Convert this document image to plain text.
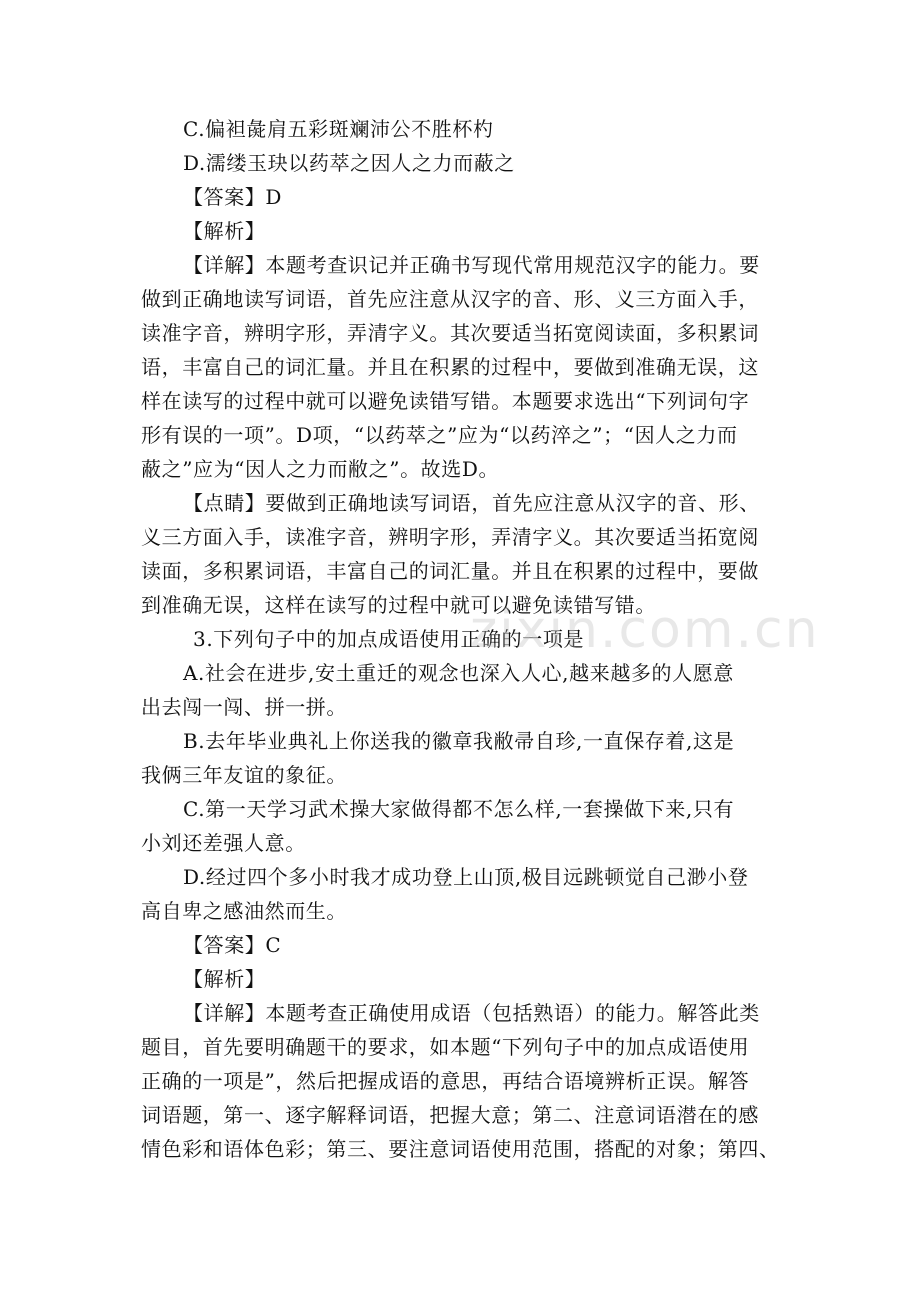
C.偏袒彘肩五彩斑斓沛公不胜杯杓
D.濡缕玉玦以药萃之因人之力而蔽之
【答案】D
【解析】
【详解】本题考查识记并正确书写现代常用规范汉字的能力。要
做到正确地读写词语，首先应注意从汉字的音、形、义三方面入手，
读准字音，辨明字形，弄清字义。其次要适当拓宽阅读面，多积累词
语，丰富自己的词汇量。并且在积累的过程中，要做到准确无误，这
样在读写的过程中就可以避免读错写错。本题要求选出“下列词句字
形有误的一项”。D项，“以药萃之”应为“以药淬之”；“因人之力而
蔽之”应为“因人之力而敝之”。故选D。
【点睛】要做到正确地读写词语，首先应注意从汉字的音、形、
义三方面入手，读准字音，辨明字形，弄清字义。其次要适当拓宽阅
读面，多积累词语，丰富自己的词汇量。并且在积累的过程中，要做
到准确无误，这样在读写的过程中就可以避免读错写错。
3.下列句子中的加点成语使用正确的一项是
A.社会在进步,安土重迁的观念也深入人心,越来越多的人愿意
出去闯一闯、拼一拼。
B.去年毕业典礼上你送我的徽章我敝帚自珍,一直保存着,这是
我俩三年友谊的象征。
C.第一天学习武术操大家做得都不怎么样,一套操做下来,只有
小刘还差强人意。
D.经过四个多小时我才成功登上山顶,极目远跳顿觉自己渺小登
高自卑之感油然而生。
【答案】C
【解析】
【详解】本题考查正确使用成语（包括熟语）的能力。解答此类
题目，首先要明确题干的要求，如本题“下列句子中的加点成语使用
正确的一项是”，然后把握成语的意思，再结合语境辨析正误。解答
词语题，第一、逐字解释词语，把握大意；第二、注意词语潜在的感
情色彩和语体色彩；第三、要注意词语使用范围，搭配的对象；第四、
zixin.com.cn
